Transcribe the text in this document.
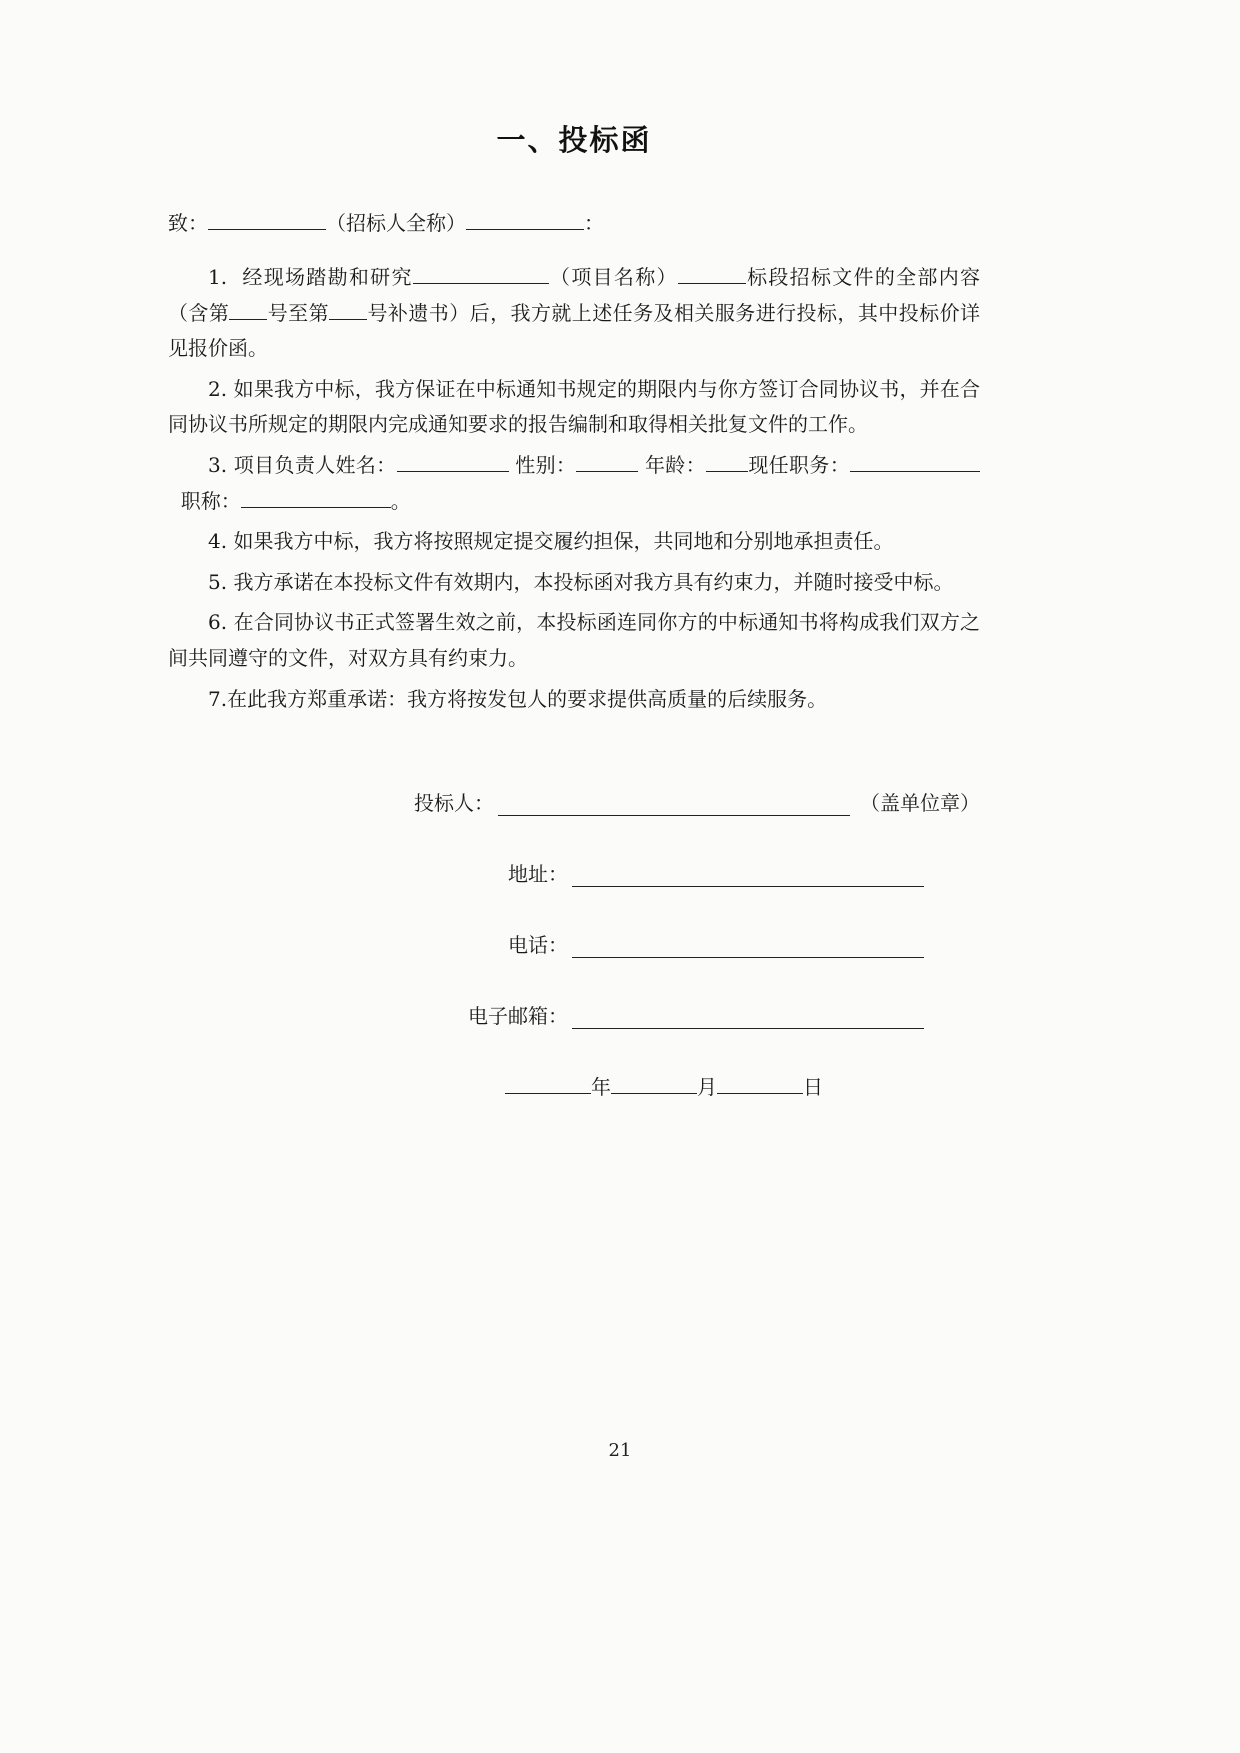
一、投标函
致：	（招标人全称）	：

1. 经现场踏勘和研究	（项目名称）	标段招标文件的全部内容（含第 号至第 号补遗书）后，我方就上述任务及相关服务进行投标，其中投标价详见报价函。

2. 如果我方中标，我方保证在中标通知书规定的期限内与你方签订合同协议书，并在合同协议书所规定的期限内完成通知要求的报告编制和取得相关批复文件的工作。

3. 项目负责人姓名：	性别：	年龄： 现任职务：  职称：	。

4. 如果我方中标，我方将按照规定提交履约担保，共同地和分别地承担责任。

5. 我方承诺在本投标文件有效期内，本投标函对我方具有约束力，并随时接受中标。

6. 在合同协议书正式签署生效之前，本投标函连同你方的中标通知书将构成我们双方之间共同遵守的文件，对双方具有约束力。

7.在此我方郑重承诺：我方将按发包人的要求提供高质量的后续服务。

投标人：	（盖单位章）
地址：
电话：
电子邮箱：
年	月	日
21
